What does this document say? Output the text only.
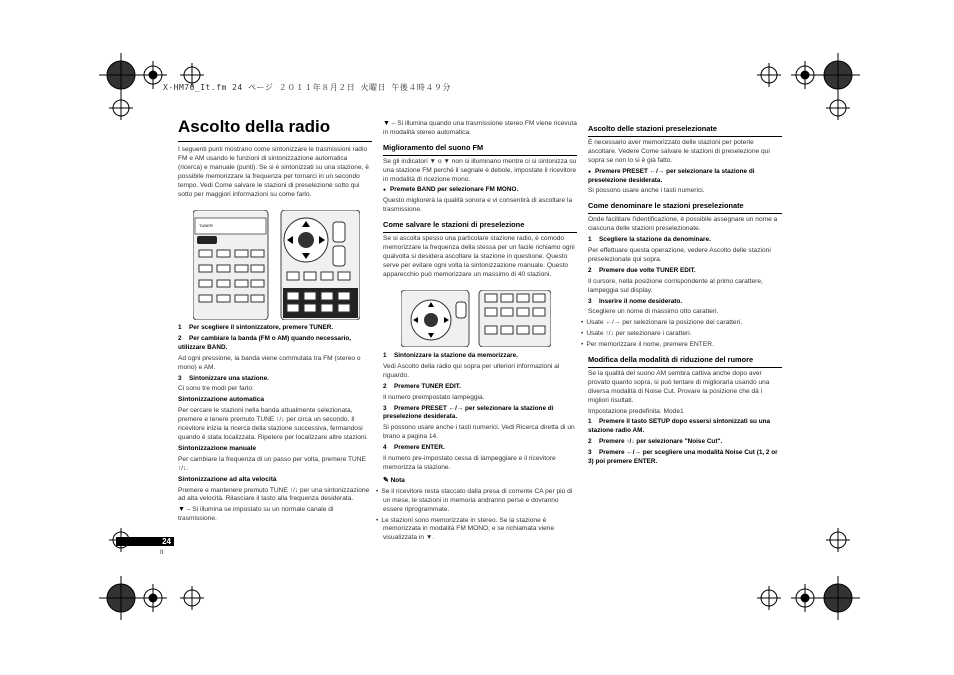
X-HM70_It.fm 24 ページ ２０１１年８月２日 火曜日 午後４時４９分
Ascolto della radio

I seguenti punti mostrano come sintonizzare le trasmissioni radio FM e AM usando le funzioni di sintonizzazione automatica (ricerca) e manuale (punti). Se si è sintonizzati su una stazione, è possibile memorizzare la frequenza per tornarci in un secondo tempo. Vedi Come salvare le stazioni di preselezione sotto qui sotto per maggiori informazioni su come farlo.

TUNER

1 Per scegliere il sintonizzatore, premere TUNER.

2 Per cambiare la banda (FM o AM) quando necessario, utilizzare BAND.

Ad ogni pressione, la banda viene commutata tra FM (stereo o mono) e AM.

3 Sintonizzare una stazione.

Ci sono tre modi per farlo:

Sintonizzazione automatica

Per cercare le stazioni nella banda attualmente selezionata, premere e tenere premuto TUNE ↑/↓ per circa un secondo. Il ricevitore inizia la ricerca della stazione successiva, fermandosi quando è stata localizzata. Ripetere per localizzare altre stazioni.

Sintonizzazione manuale

Per cambiare la frequenza di un passo per volta, premere TUNE ↑/↓.

Sintonizzazione ad alta velocità

Premere e mantenere premuto TUNE ↑/↓ per una sintonizzazione ad alta velocità. Rilasciare il tasto alla frequenza desiderata.

▼ – Si illumina se impostato su un normale canale di trasmissione.

▼ – Si illumina quando una trasmissione stereo FM viene ricevuta in modalità stereo automatica.

Miglioramento del suono FM

Se gli indicatori ▼ o ▼ non si illuminano mentre ci si sintonizza su una stazione FM perché il segnale è debole, impostate il ricevitore in modalità di ricezione mono.

● Premete BAND per selezionare FM MONO.

Questo migliorerà la qualità sonora e vi consentirà di ascoltare la trasmissione.

Come salvare le stazioni di preselezione

Se si ascolta spesso una particolare stazione radio, è comodo memorizzare la frequenza della stessa per un facile richiamo ogni qualvolta si desidera ascoltare la stazione in questione. Questo serve per evitare ogni volta la sintonizzazione manuale. Questo apparecchio può memorizzare un massimo di 40 stazioni.

1 Sintonizzare la stazione da memorizzare.

Vedi Ascolto della radio qui sopra per ulteriori informazioni al riguardo.

2 Premere TUNER EDIT.

Il numero preimpostato lampeggia.

3 Premere PRESET ←/→ per selezionare la stazione di preselezione desiderata.

Si possono usare anche i tasti numerici. Vedi Ricerca diretta di un brano a pagina 14.

4 Premere ENTER.

Il numero pre-impostato cessa di lampeggiare e il ricevitore memorizza la stazione.

✎ Nota

• Se il ricevitore resta staccato dalla presa di corrente CA per più di un mese, le stazioni in memoria andranno perse e dovranno essere riprogrammate.

• Le stazioni sono memorizzate in stereo. Se la stazione è memorizzata in modalità FM MONO, e se richiamata viene visualizzata in ▼.

Ascolto delle stazioni preselezionate

È necessario aver memorizzato delle stazioni per poterle ascoltare. Vedere Come salvare le stazioni di preselezione qui sopra se non lo si è già fatto.

● Premere PRESET ←/→ per selezionare la stazione di preselezione desiderata.

Si possono usare anche i tasti numerici.

Come denominare le stazioni preselezionate

Onde facilitare l'identificazione, è possibile assegnare un nome a ciascuna delle stazioni preselezionate.

1 Scegliere la stazione da denominare.

Per effettuare questa operazione, vedere Ascolto delle stazioni preselezionate qui sopra.

2 Premere due volte TUNER EDIT.

Il cursore, nella posizione corrispondente al primo carattere, lampeggia sul display.

3 Inserire il nome desiderato.

Scegliere un nome di massimo otto caratteri.

• Usate ←/→ per selezionare la posizione dei caratteri.

• Usate ↑/↓ per selezionare i caratteri.

• Per memorizzare il nome, premere ENTER.

Modifica della modalità di riduzione del rumore

Se la qualità del suono AM sembra cattiva anche dopo aver provato quanto sopra, si può tentare di migliorarla usando una diversa modalità di Noise Cut. Provare la posizione che dà i migliori risultati.

Impostazione predefinita: Mode1

1 Premere il tasto SETUP dopo essersi sintonizzati su una stazione radio AM.

2 Premere ↑/↓ per selezionare "Noise Cut".

3 Premere ←/→ per scegliere una modalità Noise Cut (1, 2 or 3) poi premere ENTER.

24
It
